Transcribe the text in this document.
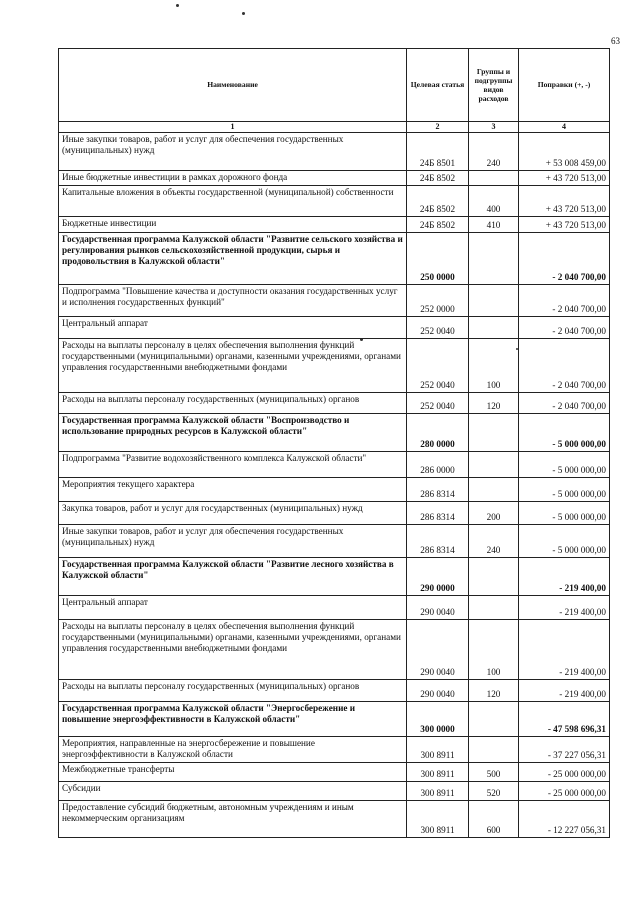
63
Наименование	Целевая статья	Группы и подгруппы видов расходов	Поправки (+, -)
1	2	3	4
Иные закупки товаров, работ и услуг для обеспечения государственных (муниципальных) нужд	24Б 8501	240	+ 53 008 459,00
Иные бюджетные инвестиции в рамках дорожного фонда	24Б 8502		+ 43 720 513,00
Капитальные вложения в объекты государственной (муниципальной) собственности	24Б 8502	400	+ 43 720 513,00
Бюджетные инвестиции	24Б 8502	410	+ 43 720 513,00
Государственная программа Калужской области "Развитие сельского хозяйства и регулирования рынков сельскохозяйственной продукции, сырья и продовольствия в Калужской области"	250 0000		- 2 040 700,00
Подпрограмма "Повышение качества и доступности оказания государственных услуг и исполнения государственных функций"	252 0000		- 2 040 700,00
Центральный аппарат	252 0040		- 2 040 700,00
Расходы на выплаты персоналу в целях обеспечения выполнения функций государственными (муниципальными) органами, казенными учреждениями, органами управления государственными внебюджетными фондами	252 0040	100	- 2 040 700,00
Расходы на выплаты персоналу государственных (муниципальных) органов	252 0040	120	- 2 040 700,00
Государственная программа Калужской области "Воспроизводство и использование природных ресурсов в Калужской области"	280 0000		- 5 000 000,00
Подпрограмма "Развитие водохозяйственного комплекса Калужской области"	286 0000		- 5 000 000,00
Мероприятия текущего характера	286 8314		- 5 000 000,00
Закупка товаров, работ и услуг для государственных (муниципальных) нужд	286 8314	200	- 5 000 000,00
Иные закупки товаров, работ и услуг для обеспечения государственных (муниципальных) нужд	286 8314	240	- 5 000 000,00
Государственная программа Калужской области "Развитие лесного хозяйства в Калужской области"	290 0000		- 219 400,00
Центральный аппарат	290 0040		- 219 400,00
Расходы на выплаты персоналу в целях обеспечения выполнения функций государственными (муниципальными) органами, казенными учреждениями, органами управления государственными внебюджетными фондами	290 0040	100	- 219 400,00
Расходы на выплаты персоналу государственных (муниципальных) органов	290 0040	120	- 219 400,00
Государственная программа Калужской области "Энергосбережение и повышение энергоэффективности в Калужской области"	300 0000		- 47 598 696,31
Мероприятия, направленные на энергосбережение и повышение энергоэффективности в Калужской области	300 8911		- 37 227 056,31
Межбюджетные трансферты	300 8911	500	- 25 000 000,00
Субсидии	300 8911	520	- 25 000 000,00
Предоставление субсидий бюджетным, автономным учреждениям и иным некоммерческим организациям	300 8911	600	- 12 227 056,31
